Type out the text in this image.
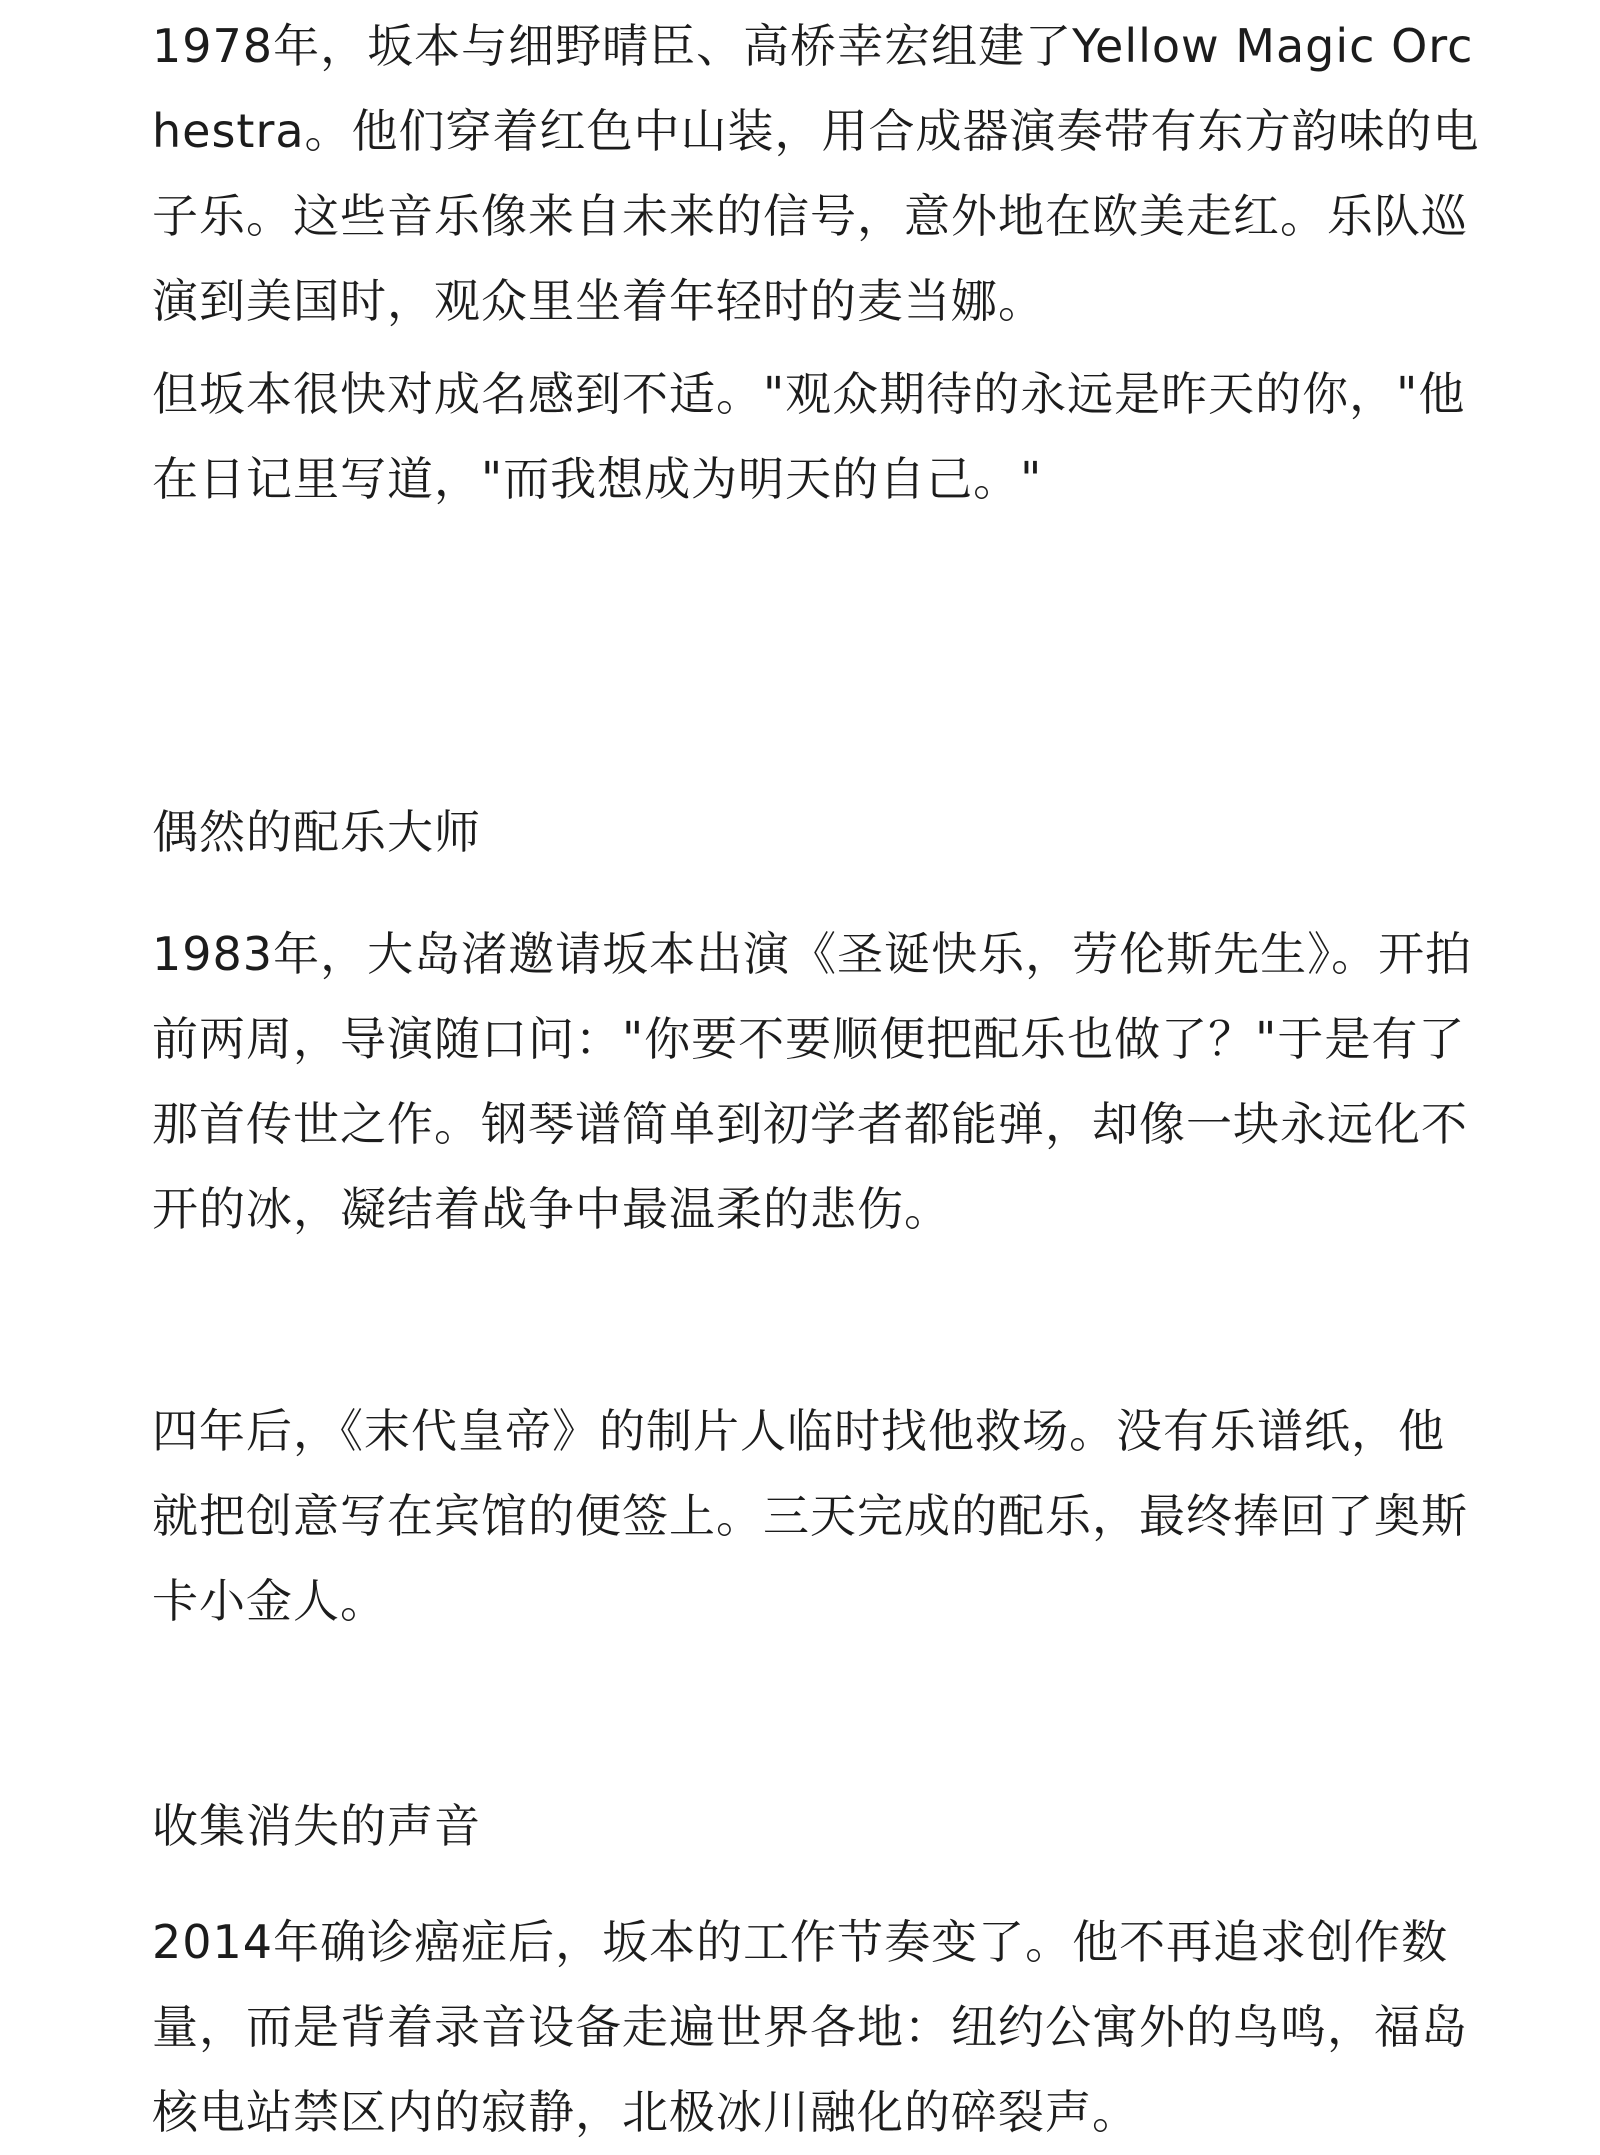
1978年，坂本与细野晴臣、高桥幸宏组建了Yellow Magic Orchestra。他们穿着红色中山装，用合成器演奏带有东方韵味的电子乐。这些音乐像来自未来的信号，意外地在欧美走红。乐队巡演到美国时，观众里坐着年轻时的麦当娜。

但坂本很快对成名感到不适。"观众期待的永远是昨天的你，"他在日记里写道，"而我想成为明天的自己。"

偶然的配乐大师

1983年，大岛渚邀请坂本出演《圣诞快乐，劳伦斯先生》。开拍前两周，导演随口问："你要不要顺便把配乐也做了？"于是有了那首传世之作。钢琴谱简单到初学者都能弹，却像一块永远化不开的冰，凝结着战争中最温柔的悲伤。

四年后，《末代皇帝》的制片人临时找他救场。没有乐谱纸，他就把创意写在宾馆的便签上。三天完成的配乐，最终捧回了奥斯卡小金人。

收集消失的声音

2014年确诊癌症后，坂本的工作节奏变了。他不再追求创作数量，而是背着录音设备走遍世界各地：纽约公寓外的鸟鸣，福岛核电站禁区内的寂静，北极冰川融化的碎裂声。
